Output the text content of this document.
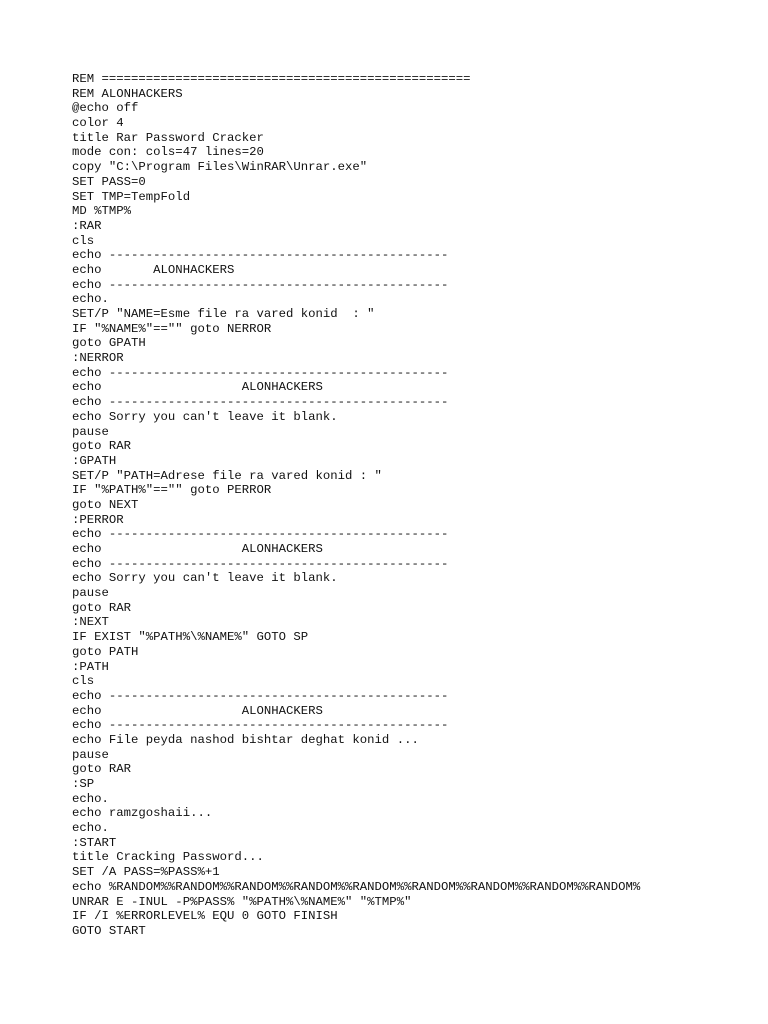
REM ==================================================
REM ALONHACKERS
@echo off
color 4
title Rar Password Cracker
mode con: cols=47 lines=20
copy "C:\Program Files\WinRAR\Unrar.exe"
SET PASS=0
SET TMP=TempFold
MD %TMP%
:RAR
cls
echo ----------------------------------------------
echo       ALONHACKERS
echo ----------------------------------------------
echo.
SET/P "NAME=Esme file ra vared konid  : "
IF "%NAME%"=="" goto NERROR
goto GPATH
:NERROR
echo ----------------------------------------------
echo                   ALONHACKERS
echo ----------------------------------------------
echo Sorry you can't leave it blank.
pause
goto RAR
:GPATH
SET/P "PATH=Adrese file ra vared konid : "
IF "%PATH%"=="" goto PERROR
goto NEXT
:PERROR
echo ----------------------------------------------
echo                   ALONHACKERS
echo ----------------------------------------------
echo Sorry you can't leave it blank.
pause
goto RAR
:NEXT
IF EXIST "%PATH%\%NAME%" GOTO SP
goto PATH
:PATH
cls
echo ----------------------------------------------
echo                   ALONHACKERS
echo ----------------------------------------------
echo File peyda nashod bishtar deghat konid ...
pause
goto RAR
:SP
echo.
echo ramzgoshaii...
echo.
:START
title Cracking Password...
SET /A PASS=%PASS%+1
echo %RANDOM%%RANDOM%%RANDOM%%RANDOM%%RANDOM%%RANDOM%%RANDOM%%RANDOM%%RANDOM%
UNRAR E -INUL -P%PASS% "%PATH%\%NAME%" "%TMP%"
IF /I %ERRORLEVEL% EQU 0 GOTO FINISH
GOTO START
